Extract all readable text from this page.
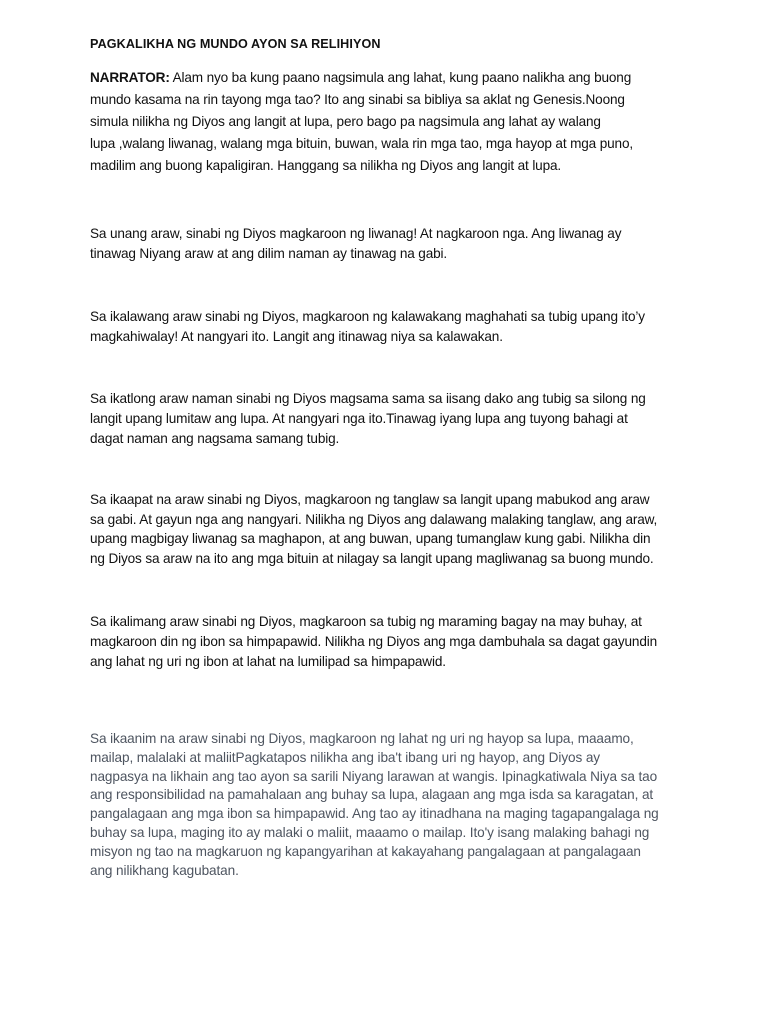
PAGKALIKHA NG MUNDO AYON SA RELIHIYON
NARRATOR: Alam nyo ba kung paano nagsimula ang lahat, kung paano nalikha ang buong
mundo kasama na rin tayong mga tao? Ito ang sinabi sa bibliya sa aklat ng Genesis.Noong
simula nilikha ng Diyos ang langit at lupa, pero bago pa nagsimula ang lahat ay walang
lupa ,walang liwanag, walang mga bituin, buwan, wala rin mga tao, mga hayop at mga puno,
madilim ang buong kapaligiran. Hanggang sa nilikha ng Diyos ang langit at lupa.
Sa unang araw, sinabi ng Diyos magkaroon ng liwanag! At nagkaroon nga. Ang liwanag ay
tinawag Niyang araw at ang dilim naman ay tinawag na gabi.
Sa ikalawang araw sinabi ng Diyos, magkaroon ng kalawakang maghahati sa tubig upang ito’y
magkahiwalay! At nangyari ito. Langit ang itinawag niya sa kalawakan.
Sa ikatlong araw naman sinabi ng Diyos magsama sama sa iisang dako ang tubig sa silong ng
langit upang lumitaw ang lupa. At nangyari nga ito.Tinawag iyang lupa ang tuyong bahagi at
dagat naman ang nagsama samang tubig.
Sa ikaapat na araw sinabi ng Diyos, magkaroon ng tanglaw sa langit upang mabukod ang araw
sa gabi. At gayun nga ang nangyari. Nilikha ng Diyos ang dalawang malaking tanglaw, ang araw,
upang magbigay liwanag sa maghapon, at ang buwan, upang tumanglaw kung gabi. Nilikha din
ng Diyos sa araw na ito ang mga bituin at nilagay sa langit upang magliwanag sa buong mundo.
Sa ikalimang araw sinabi ng Diyos, magkaroon sa tubig ng maraming bagay na may buhay, at
magkaroon din ng ibon sa himpapawid. Nilikha ng Diyos ang mga dambuhala sa dagat gayundin
ang lahat ng uri ng ibon at lahat na lumilipad sa himpapawid.
Sa ikaanim na araw sinabi ng Diyos, magkaroon ng lahat ng uri ng hayop sa lupa, maaamo,
mailap, malalaki at maliitPagkatapos nilikha ang iba't ibang uri ng hayop, ang Diyos ay
nagpasya na likhain ang tao ayon sa sarili Niyang larawan at wangis. Ipinagkatiwala Niya sa tao
ang responsibilidad na pamahalaan ang buhay sa lupa, alagaan ang mga isda sa karagatan, at
pangalagaan ang mga ibon sa himpapawid. Ang tao ay itinadhana na maging tagapangalaga ng
buhay sa lupa, maging ito ay malaki o maliit, maaamo o mailap. Ito'y isang malaking bahagi ng
misyon ng tao na magkaruon ng kapangyarihan at kakayahang pangalagaan at pangalagaan
ang nilikhang kagubatan.
